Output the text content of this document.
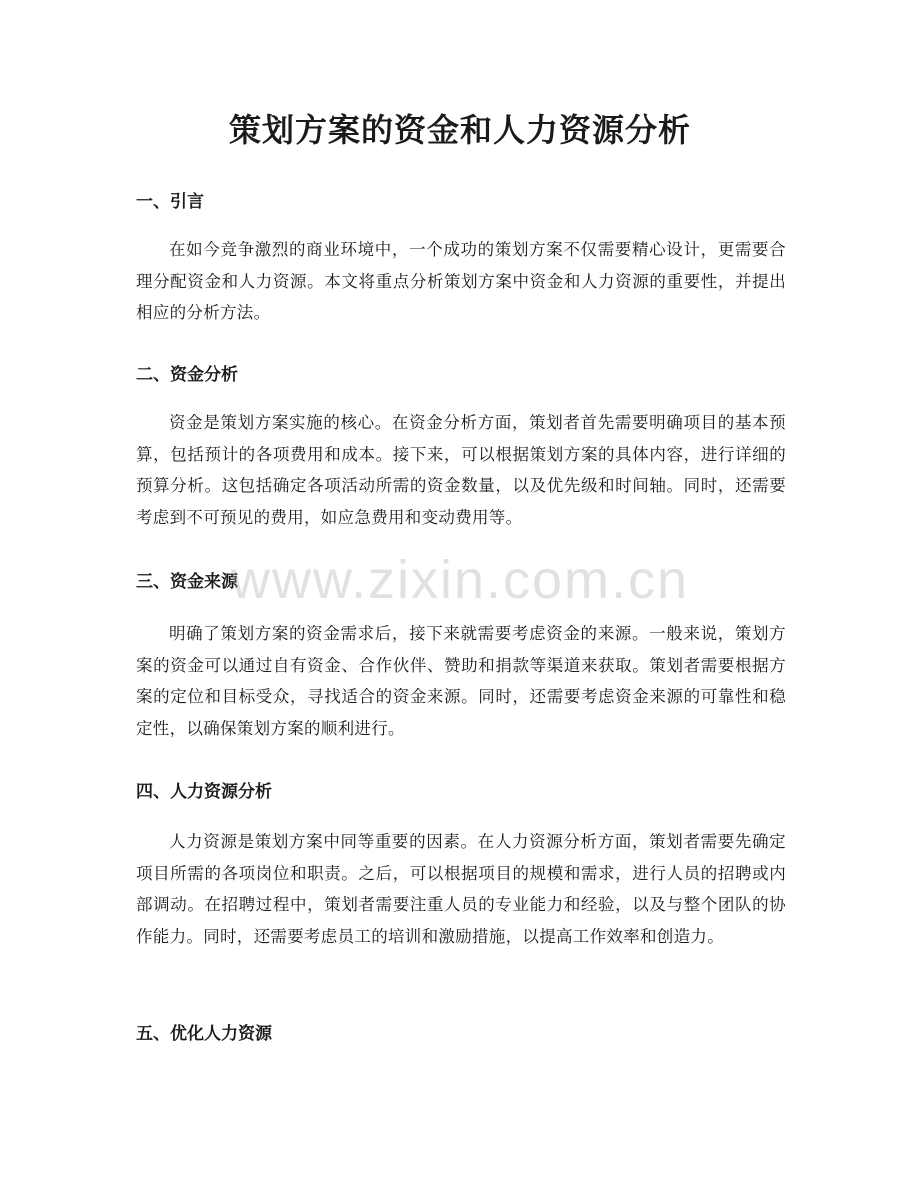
策划方案的资金和人力资源分析
一、引言

在如今竞争激烈的商业环境中，一个成功的策划方案不仅需要精心设计，更需要合理分配资金和人力资源。本文将重点分析策划方案中资金和人力资源的重要性，并提出相应的分析方法。

二、资金分析

资金是策划方案实施的核心。在资金分析方面，策划者首先需要明确项目的基本预算，包括预计的各项费用和成本。接下来，可以根据策划方案的具体内容，进行详细的预算分析。这包括确定各项活动所需的资金数量，以及优先级和时间轴。同时，还需要考虑到不可预见的费用，如应急费用和变动费用等。

三、资金来源

明确了策划方案的资金需求后，接下来就需要考虑资金的来源。一般来说，策划方案的资金可以通过自有资金、合作伙伴、赞助和捐款等渠道来获取。策划者需要根据方案的定位和目标受众，寻找适合的资金来源。同时，还需要考虑资金来源的可靠性和稳定性，以确保策划方案的顺利进行。

四、人力资源分析

人力资源是策划方案中同等重要的因素。在人力资源分析方面，策划者需要先确定项目所需的各项岗位和职责。之后，可以根据项目的规模和需求，进行人员的招聘或内部调动。在招聘过程中，策划者需要注重人员的专业能力和经验，以及与整个团队的协作能力。同时，还需要考虑员工的培训和激励措施，以提高工作效率和创造力。

五、优化人力资源
www.zixin.com.cn
